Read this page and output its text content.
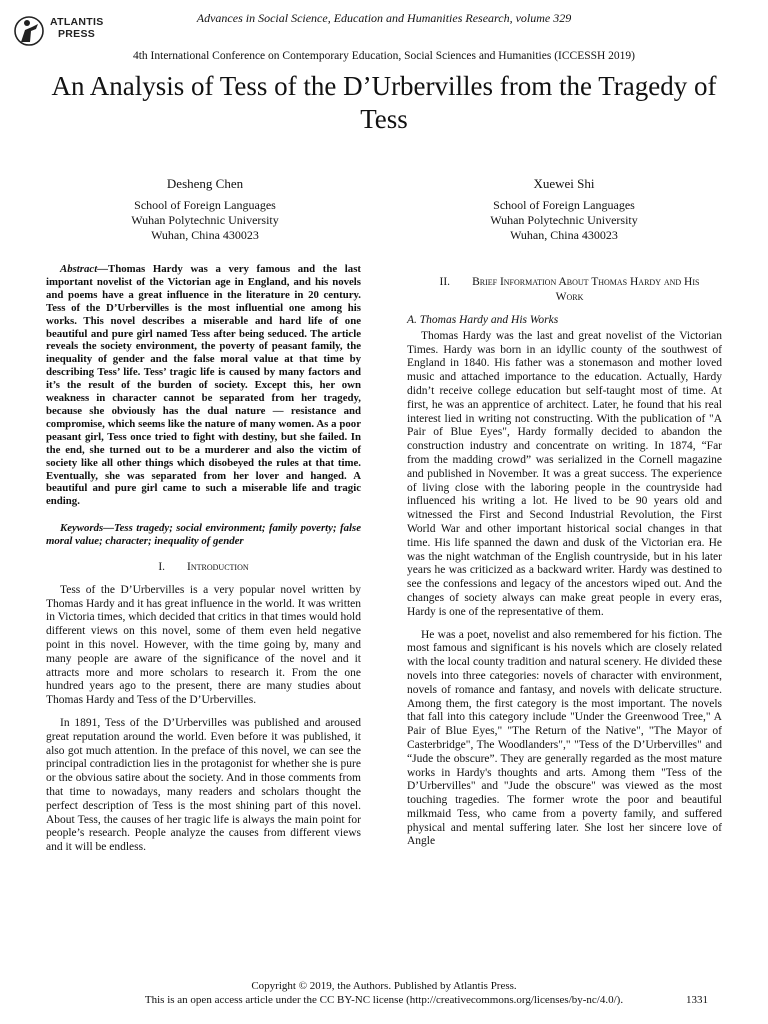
ATLANTIS
PRESS
Advances in Social Science, Education and Humanities Research, volume 329
4th International Conference on Contemporary Education, Social Sciences and Humanities (ICCESSH 2019)
An Analysis of Tess of the D’Urbervilles from the Tragedy of Tess
Desheng Chen
School of Foreign Languages
Wuhan Polytechnic University
Wuhan, China 430023
Xuewei Shi
School of Foreign Languages
Wuhan Polytechnic University
Wuhan, China 430023

Abstract—Thomas Hardy was a very famous and the last important novelist of the Victorian age in England, and his novels and poems have a great influence in the literature in 20 century. Tess of the D’Urbervilles is the most influential one among his works. This novel describes a miserable and hard life of one beautiful and pure girl named Tess after being seduced. The article reveals the society environment, the poverty of peasant family, the inequality of gender and the false moral value at that time by describing Tess’ life. Tess’ tragic life is caused by many factors and it’s the result of the burden of society. Except this, her own weakness in character cannot be separated from her tragedy, because she obviously has the dual nature — resistance and compromise, which seems like the nature of many women. As a poor peasant girl, Tess once tried to fight with destiny, but she failed. In the end, she turned out to be a murderer and also the victim of society like all other things which disobeyed the rules at that time. Eventually, she was separated from her lover and hanged. A beautiful and pure girl came to such a miserable life and tragic ending.

Keywords—Tess tragedy; social environment; family poverty; false moral value; character; inequality of gender

I. Introduction

Tess of the D’Urbervilles is a very popular novel written by Thomas Hardy and it has great influence in the world. It was written in Victoria times, which decided that critics in that times would hold different views on this novel, some of them even held negative point in this novel. However, with the time going by, many and many people are aware of the significance of the novel and it attracts more and more scholars to research it. From the one hundred years ago to the present, there are many studies about Thomas Hardy and Tess of the D’Urbervilles.

In 1891, Tess of the D’Urbervilles was published and aroused great reputation around the world. Even before it was published, it also got much attention. In the preface of this novel, we can see the principal contradiction lies in the protagonist for whether she is pure or the obvious satire about the society. And in those comments from that time to nowadays, many readers and scholars thought the perfect description of Tess is the most shining part of this novel. About Tess, the causes of her tragic life is always the main point for people’s research. People analyze the causes from different views and it will be endless.

II. Brief Information About Thomas Hardy and His Work
A. Thomas Hardy and His Works

Thomas Hardy was the last and great novelist of the Victorian Times. Hardy was born in an idyllic county of the southwest of England in 1840. His father was a stonemason and mother loved music and attached importance to the education. Actually, Hardy didn’t receive college education but self-taught most of time. At first, he was an apprentice of architect. Later, he found that his real interest lied in writing not constructing. With the publication of "A Pair of Blue Eyes", Hardy formally decided to abandon the construction industry and concentrate on writing. In 1874, “Far from the madding crowd” was serialized in the Cornell magazine and published in November. It was a great success. The experience of living close with the laboring people in the countryside had influenced his writing a lot. He lived to be 90 years old and witnessed the First and Second Industrial Revolution, the First World War and other important historical social changes in that time. His life spanned the dawn and dusk of the Victorian era. He was the night watchman of the English countryside, but in his later years he was criticized as a backward writer. Hardy was destined to see the confessions and legacy of the ancestors wiped out. And the changes of society always can make great people in every eras, Hardy is one of the representative of them.

He was a poet, novelist and also remembered for his fiction. The most famous and significant is his novels which are closely related with the local county tradition and natural scenery. He divided these novels into three categories: novels of character with environment, novels of romance and fantasy, and novels with delicate structure. Among them, the first category is the most important. The novels that fall into this category include "Under the Greenwood Tree," A Pair of Blue Eyes," "The Return of the Native", "The Mayor of Casterbridge", The Woodlanders"," "Tess of the D’Urbervilles" and “Jude the obscure”. They are generally regarded as the most mature works in Hardy's thoughts and arts. Among them "Tess of the D’Urbervilles" and "Jude the obscure" was viewed as the most touching tragedies. The former wrote the poor and beautiful milkmaid Tess, who came from a poverty family, and suffered physical and mental suffering later. She lost her sincere love of Angle

Copyright © 2019, the Authors. Published by Atlantis Press.
This is an open access article under the CC BY-NC license (http://creativecommons.org/licenses/by-nc/4.0/).	1331
